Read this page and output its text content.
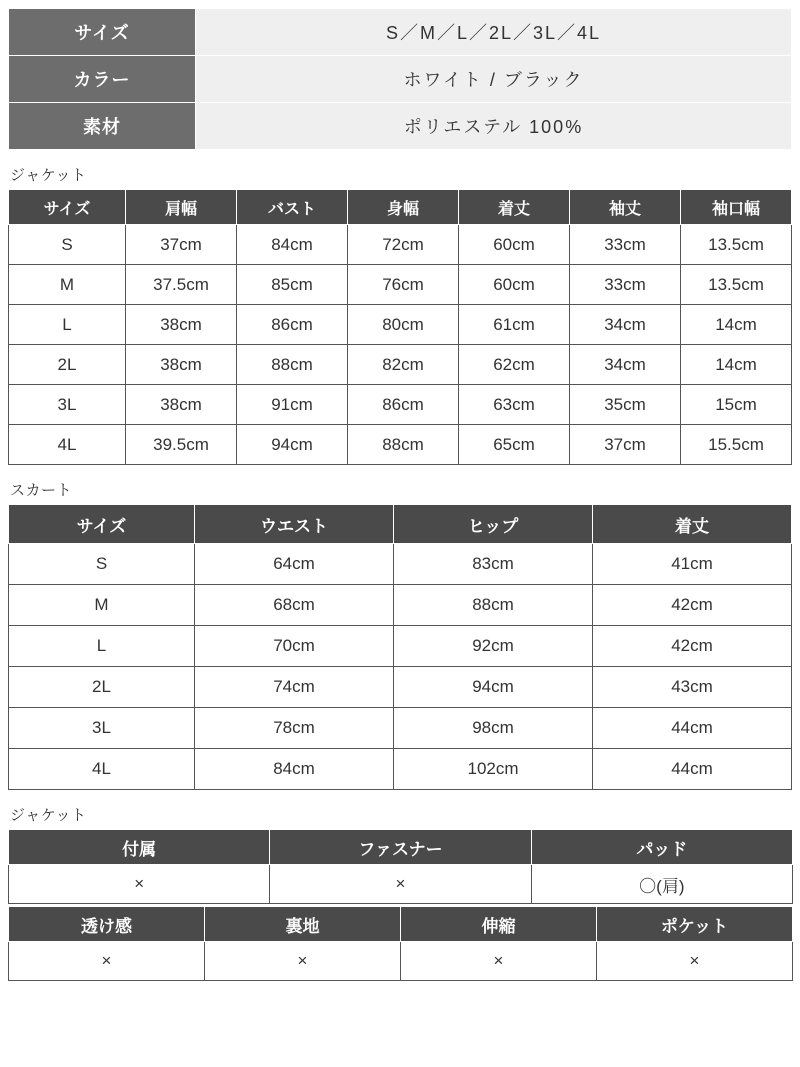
サイズ	S／M／L／2L／3L／4L
カラー	ホワイト / ブラック
素材	ポリエステル 100%
ジャケット
サイズ	肩幅	バスト	身幅	着丈	袖丈	袖口幅
S	37cm	84cm	72cm	60cm	33cm	13.5cm
M	37.5cm	85cm	76cm	60cm	33cm	13.5cm
L	38cm	86cm	80cm	61cm	34cm	14cm
2L	38cm	88cm	82cm	62cm	34cm	14cm
3L	38cm	91cm	86cm	63cm	35cm	15cm
4L	39.5cm	94cm	88cm	65cm	37cm	15.5cm
スカート
サイズ	ウエスト	ヒップ	着丈
S	64cm	83cm	41cm
M	68cm	88cm	42cm
L	70cm	92cm	42cm
2L	74cm	94cm	43cm
3L	78cm	98cm	44cm
4L	84cm	102cm	44cm
ジャケット
付属	ファスナー	パッド
×	×	〇(肩)
透け感	裏地	伸縮	ポケット
×	×	×	×
